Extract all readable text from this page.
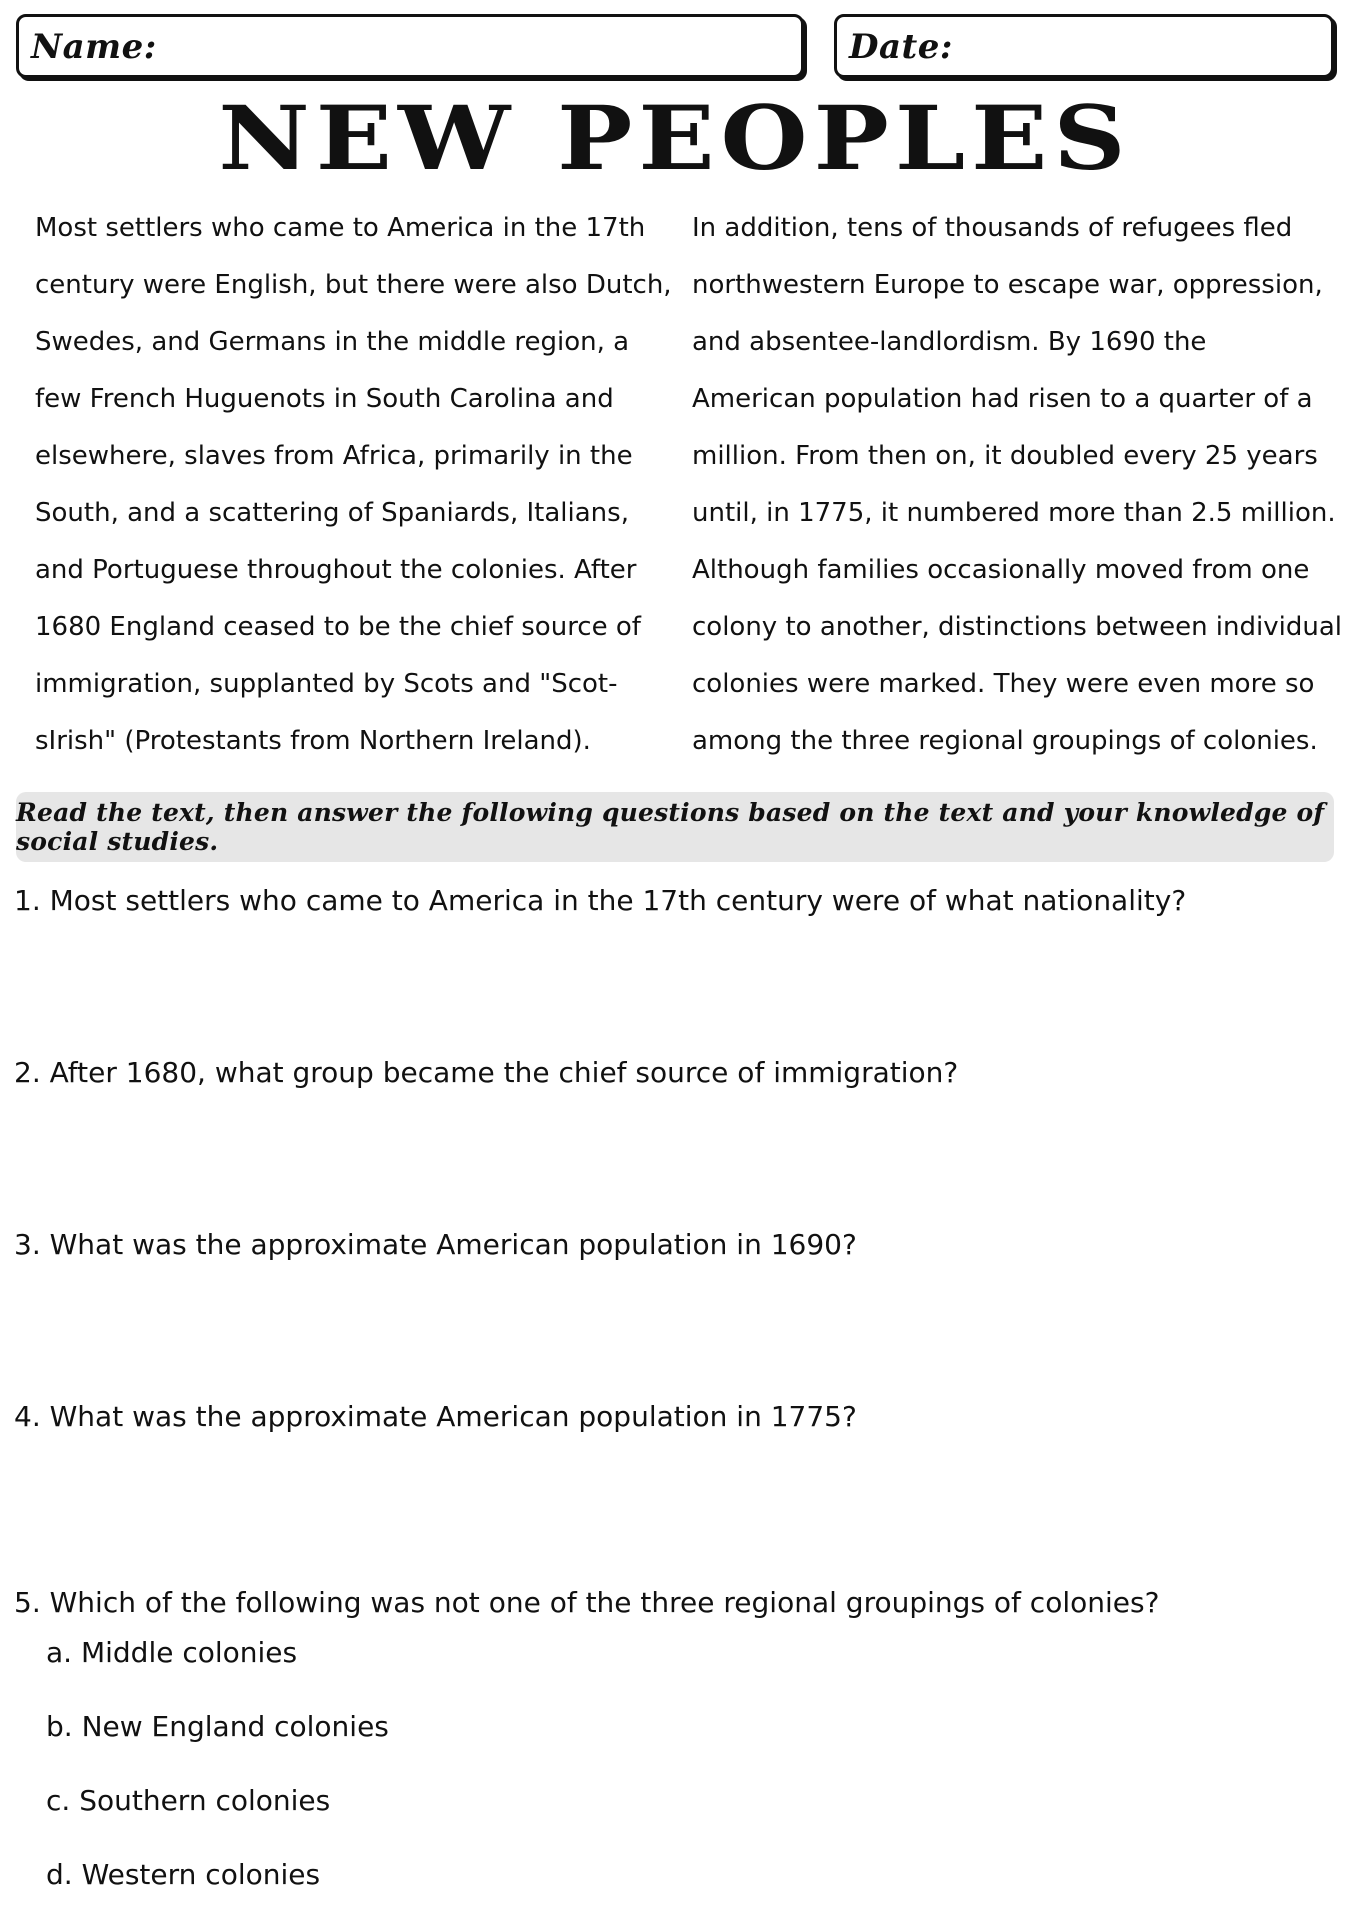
Name:	Date:
NEW PEOPLES
Most settlers who came to America in the 17th
century were English, but there were also Dutch,
Swedes, and Germans in the middle region, a
few French Huguenots in South Carolina and
elsewhere, slaves from Africa, primarily in the
South, and a scattering of Spaniards, Italians,
and Portuguese throughout the colonies. After
1680 England ceased to be the chief source of
immigration, supplanted by Scots and "Scot-
sIrish" (Protestants from Northern Ireland).
In addition, tens of thousands of refugees fled
northwestern Europe to escape war, oppression,
and absentee-landlordism. By 1690 the
American population had risen to a quarter of a
million. From then on, it doubled every 25 years
until, in 1775, it numbered more than 2.5 million.
Although families occasionally moved from one
colony to another, distinctions between individual
colonies were marked. They were even more so
among the three regional groupings of colonies.
Read the text, then answer the following questions based on the text and your knowledge of social studies.
1. Most settlers who came to America in the 17th century were of what nationality?
2. After 1680, what group became the chief source of immigration?
3. What was the approximate American population in 1690?
4. What was the approximate American population in 1775?
5. Which of the following was not one of the three regional groupings of colonies?
a. Middle colonies
b. New England colonies
c. Southern colonies
d. Western colonies
